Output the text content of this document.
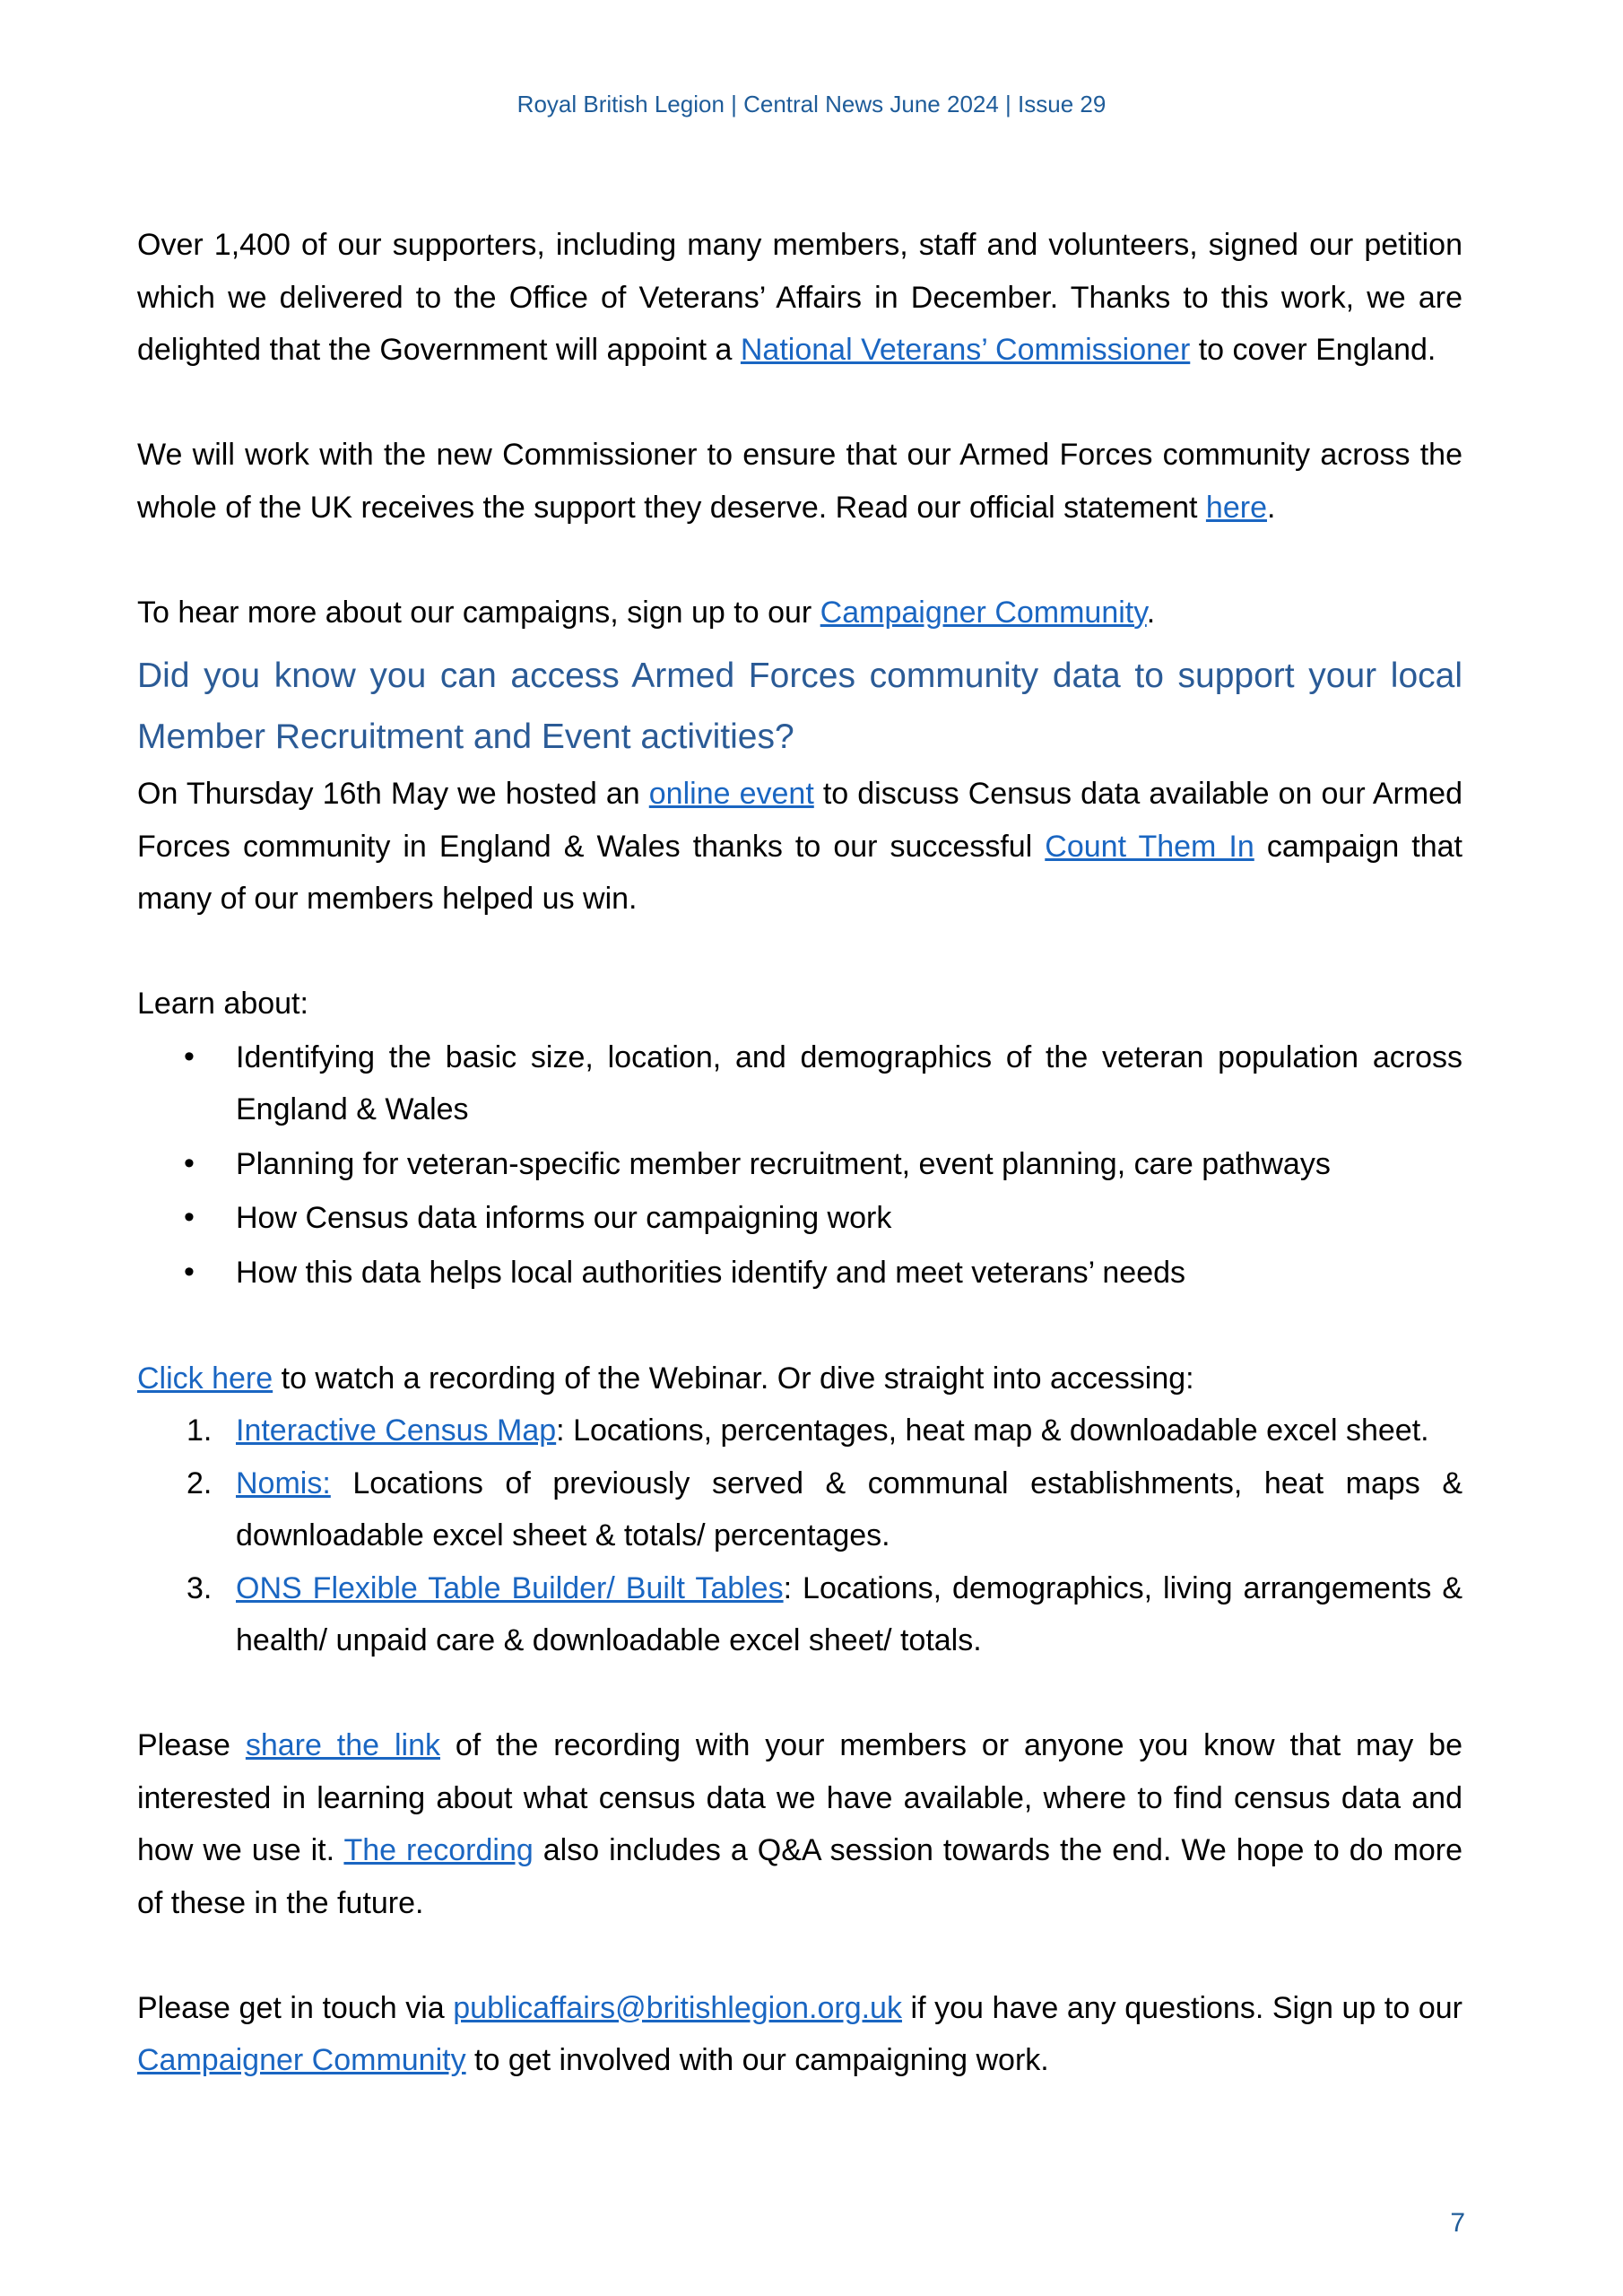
Royal British Legion | Central News June 2024 | Issue 29

Over 1,400 of our supporters, including many members, staff and volunteers, signed our petition which we delivered to the Office of Veterans’ Affairs in December. Thanks to this work, we are delighted that the Government will appoint a National Veterans’ Commissioner to cover England.

We will work with the new Commissioner to ensure that our Armed Forces community across the whole of the UK receives the support they deserve. Read our official statement here.

To hear more about our campaigns, sign up to our Campaigner Community.

Did you know you can access Armed Forces community data to support your local Member Recruitment and Event activities?

On Thursday 16th May we hosted an online event to discuss Census data available on our Armed Forces community in England & Wales thanks to our successful Count Them In campaign that many of our members helped us win.

Learn about:

• Identifying the basic size, location, and demographics of the veteran population across England & Wales
• Planning for veteran-specific member recruitment, event planning, care pathways
• How Census data informs our campaigning work
• How this data helps local authorities identify and meet veterans’ needs

Click here to watch a recording of the Webinar. Or dive straight into accessing:

1. Interactive Census Map: Locations, percentages, heat map & downloadable excel sheet.
2. Nomis: Locations of previously served & communal establishments, heat maps & downloadable excel sheet & totals/ percentages.
3. ONS Flexible Table Builder/ Built Tables: Locations, demographics, living arrangements & health/ unpaid care & downloadable excel sheet/ totals.

Please share the link of the recording with your members or anyone you know that may be interested in learning about what census data we have available, where to find census data and how we use it. The recording also includes a Q&A session towards the end. We hope to do more of these in the future.

Please get in touch via publicaffairs@britishlegion.org.uk if you have any questions. Sign up to our Campaigner Community to get involved with our campaigning work.

7
